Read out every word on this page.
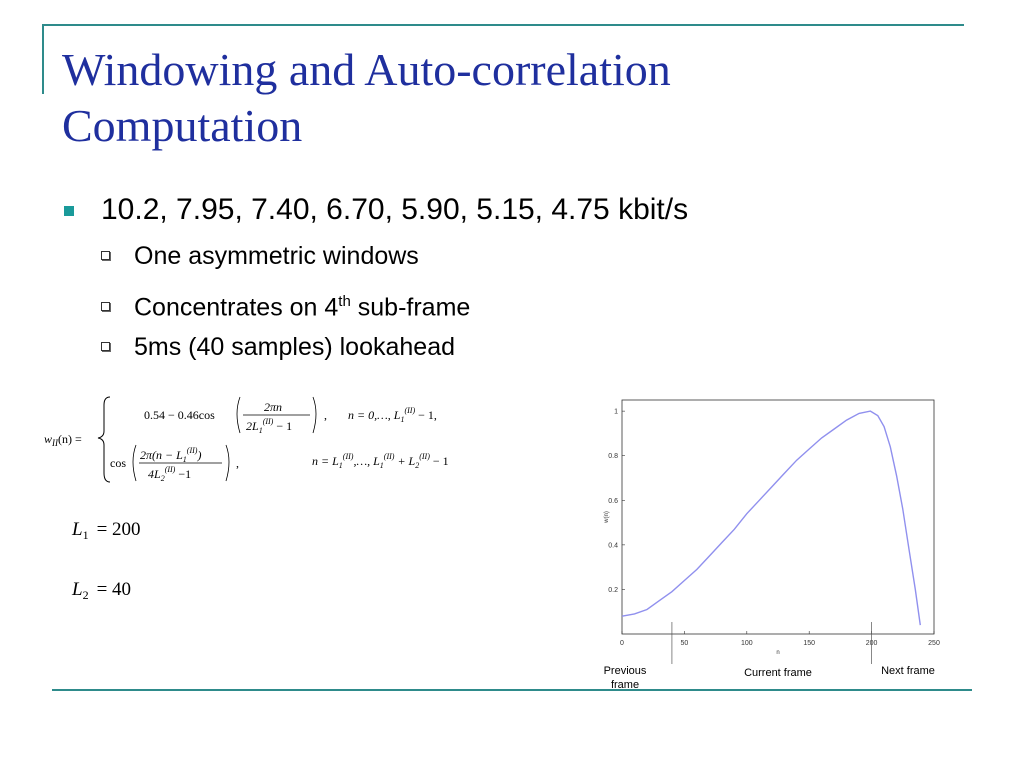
Windowing and Auto-correlation
Computation
10.2, 7.95, 7.40, 6.70, 5.90, 5.15, 4.75 kbit/s
One asymmetric windows
Concentrates on 4th sub-frame
5ms (40 samples) lookahead
$w_{II}(n)$ =
0.54 − 0.46cos
2πn
$2L_1^{(II)} - 1$
, n = 0,…, $L_1^{(II)} - 1$,
cos
$2\pi(n - L_1^{(II)})$
$4L_2^{(II)} -1$
,	$n = L_1^{(II)},\dots$, $L_1^{(II)} + L_2^{(II)} - 1$
$L_1 = 200$
$L_2 = 40$
0	50	100	150	200	250
0.2
0.4
0.6
0.8
1
n
w(n)
Previous frame
Current frame	Next frame
